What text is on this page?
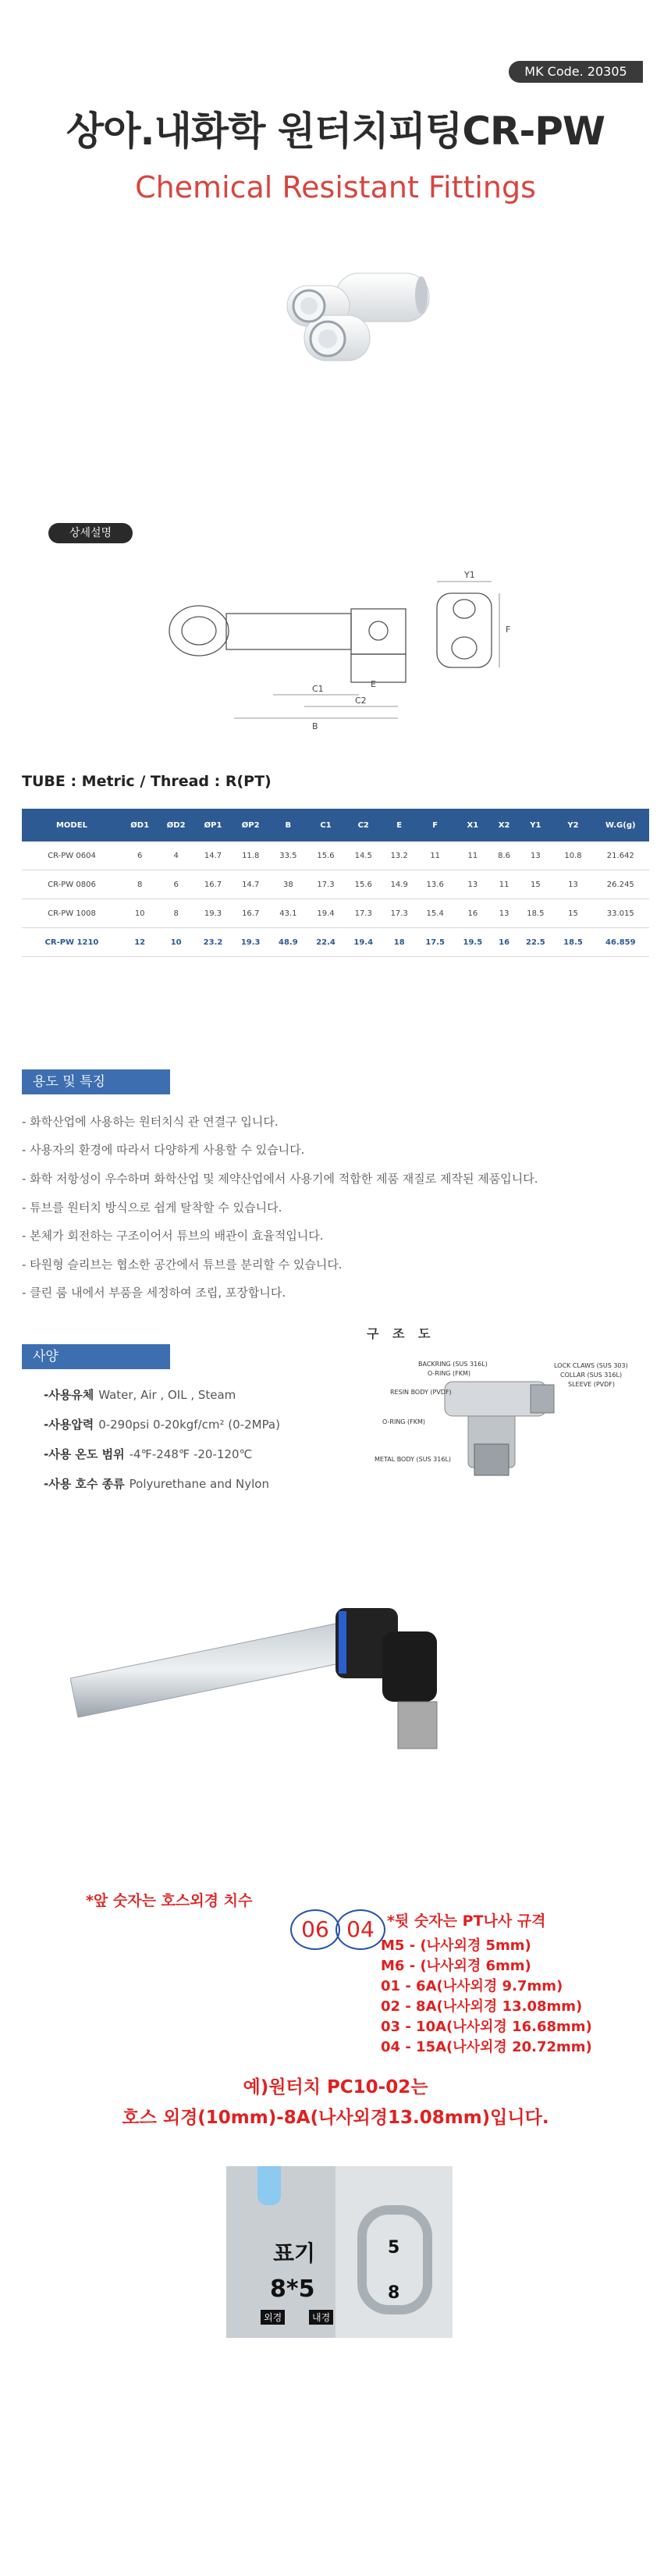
MK Code. 20305
상아.내화학 원터치피팅CR-PW
Chemical Resistant Fittings
상세설명
C1
C2
E
B
Y1
F
TUBE : Metric / Thread : R(PT)
MODEL	ØD1	ØD2	ØP1	ØP2	B	C1	C2	E	F	X1	X2	Y1	Y2	W.G(g)
CR-PW 0604	6	4	14.7	11.8	33.5	15.6	14.5	13.2	11	11	8.6	13	10.8	21.642
CR-PW 0806	8	6	16.7	14.7	38	17.3	15.6	14.9	13.6	13	11	15	13	26.245
CR-PW 1008	10	8	19.3	16.7	43.1	19.4	17.3	17.3	15.4	16	13	18.5	15	33.015
CR-PW 1210	12	10	23.2	19.3	48.9	22.4	19.4	18	17.5	19.5	16	22.5	18.5	46.859
용도 및 특징
- 화학산업에 사용하는 원터치식 관 연결구 입니다.
- 사용자의 환경에 따라서 다양하게 사용할 수 있습니다.
- 화학 저항성이 우수하며 화학산업 및 제약산업에서 사용기에 적합한 제품 재질로 제작된 제품입니다.
- 튜브를 원터치 방식으로 쉽게 탈착할 수 있습니다.
- 본체가 회전하는 구조이어서 튜브의 배관이 효율적입니다.
- 타원형 슬리브는 협소한 공간에서 튜브를 분리할 수 있습니다.
- 클린 룸 내에서 부품을 세정하여 조립, 포장합니다.
사양
-사용유체 Water, Air , OIL , Steam
-사용압력 0-290psi 0-20kgf/cm² (0-2MPa)
-사용 온도 범위 -4℉-248℉ -20-120℃
-사용 호수 종류 Polyurethane and Nylon
구 조 도
BACKRING (SUS 316L)
O-RING (FKM)
RESIN BODY (PVDF)
O-RING (FKM)
METAL BODY (SUS 316L)
LOCK CLAWS (SUS 303)
COLLAR (SUS 316L)
SLEEVE (PVDF)
*앞 숫자는 호스외경 치수
06 04 *뒷 숫자는 PT나사 규격
M5 - (나사외경 5mm)
M6 - (나사외경 6mm)
01 - 6A(나사외경 9.7mm)
02 - 8A(나사외경 13.08mm)
03 - 10A(나사외경 16.68mm)
04 - 15A(나사외경 20.72mm)
예)원터치 PC10-02는
호스 외경(10mm)-8A(나사외경13.08mm)입니다.
표기
8*5
외경	내경
5
8
